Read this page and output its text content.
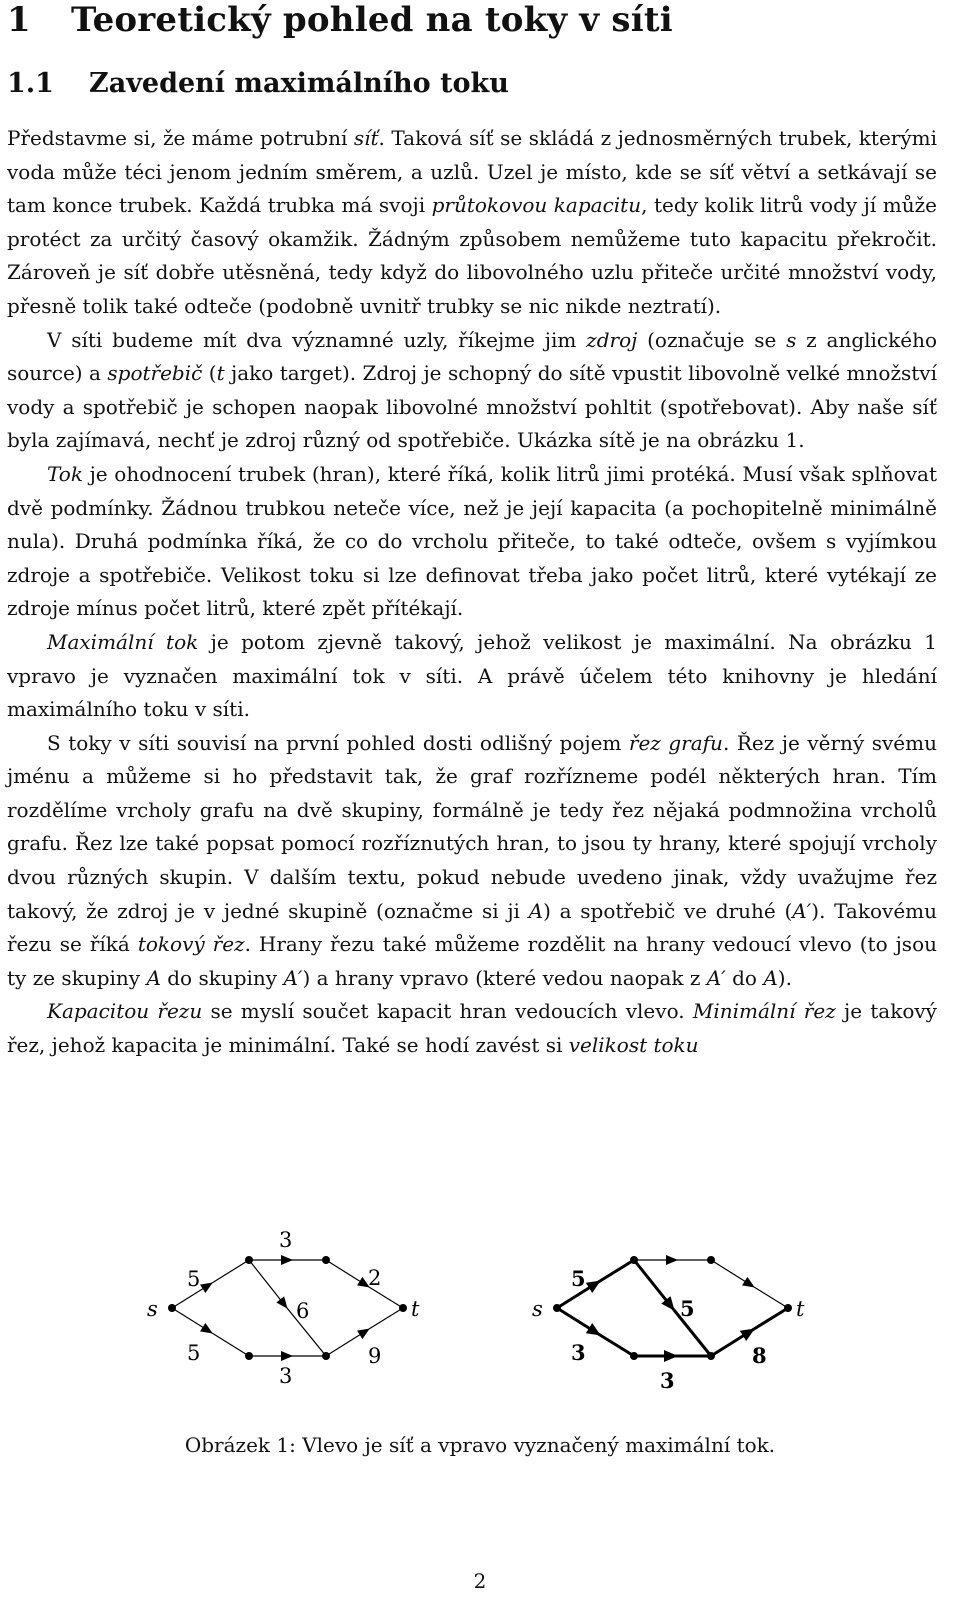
1 Teoretický pohled na toky v síti
1.1 Zavedení maximálního toku

Představme si, že máme potrubní síť. Taková síť se skládá z jednosměrných trubek, kterými voda může téci jenom jedním směrem, a uzlů. Uzel je místo, kde se síť větví a setkávají se tam konce trubek. Každá trubka má svoji průtokovou kapacitu, tedy kolik litrů vody jí může protéct za určitý časový okamžik. Žádným způsobem nemůžeme tuto kapacitu překročit. Zároveň je síť dobře utěsněná, tedy když do libovolného uzlu přiteče určité množství vody, přesně tolik také odteče (podobně uvnitř trubky se nic nikde neztratí).

V síti budeme mít dva významné uzly, říkejme jim zdroj (označuje se s z anglického source) a spotřebič (t jako target). Zdroj je schopný do sítě vpustit libovolně velké množství vody a spotřebič je schopen naopak libovolné množství pohltit (spotřebovat). Aby naše síť byla zajímavá, nechť je zdroj různý od spotřebiče. Ukázka sítě je na obrázku 1.

Tok je ohodnocení trubek (hran), které říká, kolik litrů jimi protéká. Musí však splňovat dvě podmínky. Žádnou trubkou neteče více, než je její kapacita (a pochopitelně minimálně nula). Druhá podmínka říká, že co do vrcholu přiteče, to také odteče, ovšem s vyjímkou zdroje a spotřebiče. Velikost toku si lze definovat třeba jako počet litrů, které vytékají ze zdroje mínus počet litrů, které zpět přítékají.

Maximální tok je potom zjevně takový, jehož velikost je maximální. Na obrázku 1 vpravo je vyznačen maximální tok v síti. A právě účelem této knihovny je hledání maximálního toku v síti.

S toky v síti souvisí na první pohled dosti odlišný pojem řez grafu. Řez je věrný svému jménu a můžeme si ho představit tak, že graf rozřízneme podél některých hran. Tím rozdělíme vrcholy grafu na dvě skupiny, formálně je tedy řez nějaká podmnožina vrcholů grafu. Řez lze také popsat pomocí rozříznutých hran, to jsou ty hrany, které spojují vrcholy dvou různých skupin. V dalším textu, pokud nebude uvedeno jinak, vždy uvažujme řez takový, že zdroj je v jedné skupině (označme si ji A) a spotřebič ve druhé (A′). Takovému řezu se říká tokový řez. Hrany řezu také můžeme rozdělit na hrany vedoucí vlevo (to jsou ty ze skupiny A do skupiny A′) a hrany vpravo (které vedou naopak z A′ do A).

Kapacitou řezu se myslí součet kapacit hran vedoucích vlevo. Minimální řez je takový řez, jehož kapacita je minimální. Také se hodí zavést si velikost toku

s	t
5
5
3
3
6
2
9
s	t
5
3
3
5
8
Obrázek 1: Vlevo je síť a vpravo vyznačený maximální tok.
2
